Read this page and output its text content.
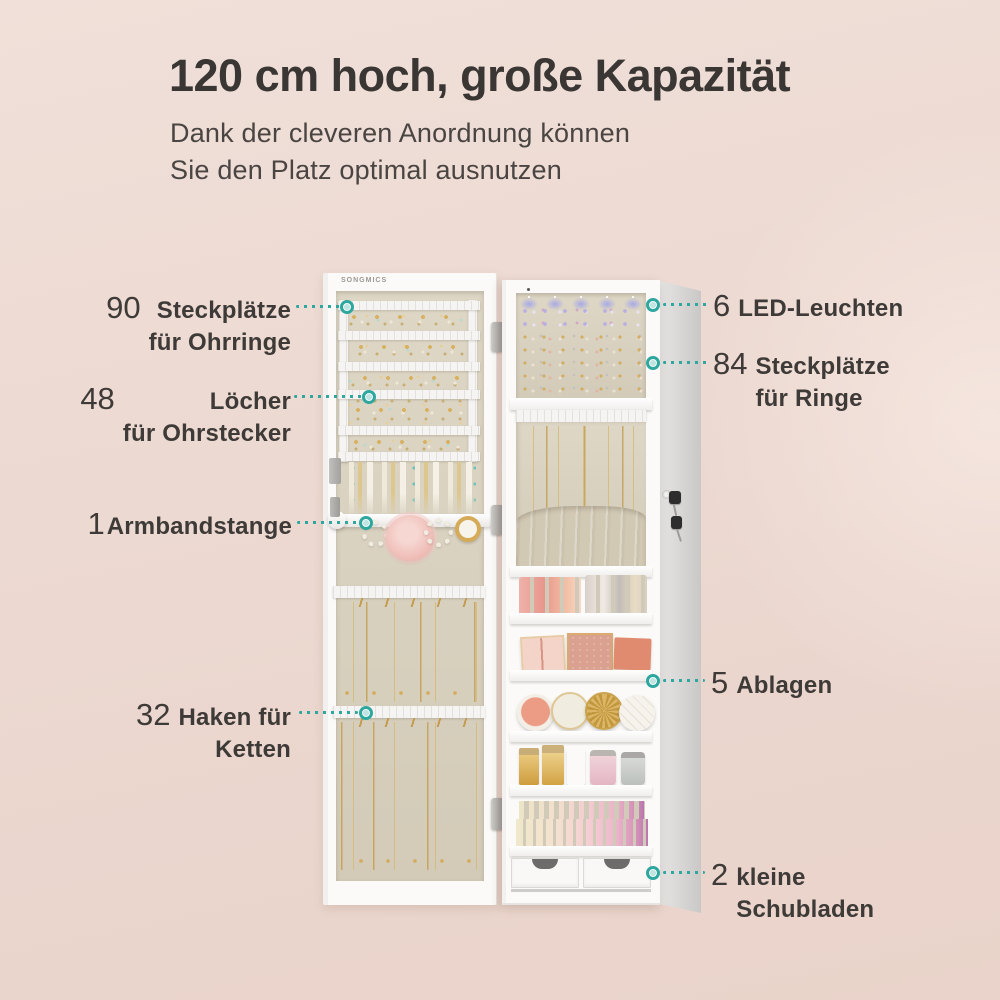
120 cm hoch, große Kapazität
Dank der cleveren Anordnung können
Sie den Platz optimal ausnutzen
SONGMICS
90 Steckplätze
für Ohrringe
48	Löcher
für Ohrstecker
1 Armbandstange
32 Haken für
Ketten
6 LED-Leuchten
84 Steckplätze
für Ringe
5 Ablagen
2 kleine
Schubladen
